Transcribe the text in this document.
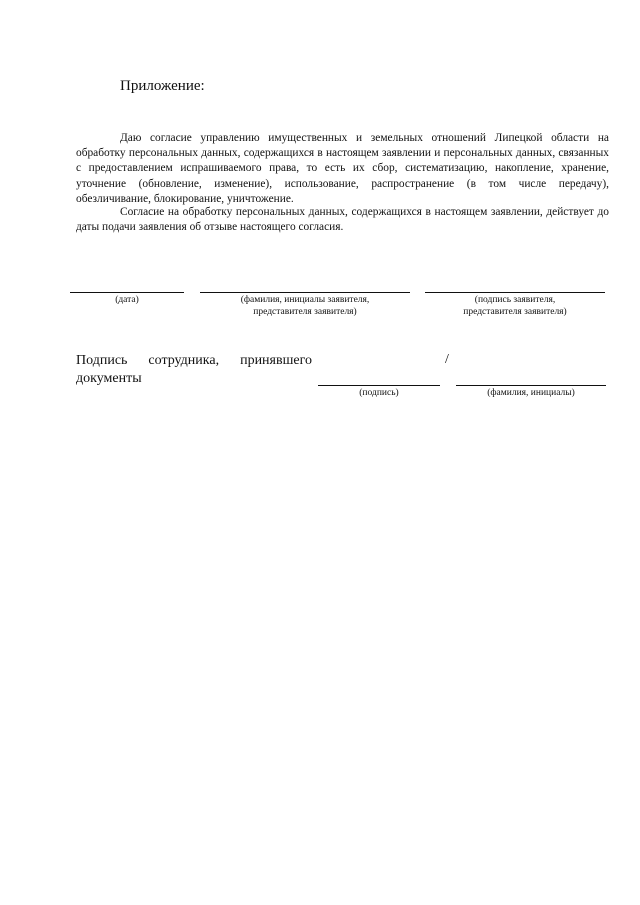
Приложение:

Даю согласие управлению имущественных и земельных отношений Липецкой области на обработку персональных данных, содержащихся в настоящем заявлении и персональных данных, связанных с предоставлением испрашиваемого права, то есть их сбор, систематизацию, накопление, хранение, уточнение (обновление, изменение), использование, распространение (в том числе передачу), обезличивание, блокирование, уничтожение.

Согласие на обработку персональных данных, содержащихся в настоящем заявлении, действует до даты подачи заявления об отзыве настоящего согласия.

(дата)	(фамилия, инициалы заявителя,
представителя заявителя)
(подпись заявителя,
представителя заявителя)

Подпись сотрудника, принявшего документы

/
(подпись)	(фамилия, инициалы)
